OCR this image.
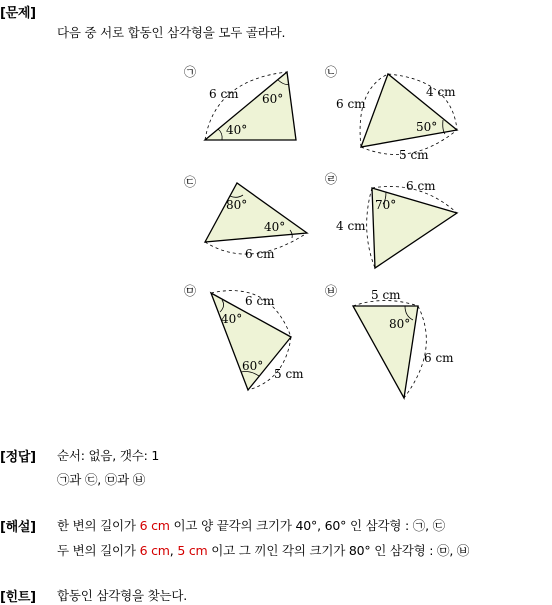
[문제]
다음 중 서로 합동인 삼각형을 모두 골라라.
㉠
6 cm 60°
40°
㉡
6 cm
4 cm
50°
5 cm
㉢
80°
40°
6 cm
㉣	6 cm
70°
4 cm
㉤
6 cm
40°
60°
5 cm
㉥	5 cm
80°
6 cm
[정답] 순서: 없음, 갯수: 1
㉠과 ㉢, ㉤과 ㉥
[해설] 한 변의 길이가 6 cm 이고 양 끝각의 크기가 40°, 60° 인 삼각형 : ㉠, ㉢
두 변의 길이가 6 cm, 5 cm 이고 그 끼인 각의 크기가 80° 인 삼각형 : ㉤, ㉥
[힌트] 합동인 삼각형을 찾는다.
